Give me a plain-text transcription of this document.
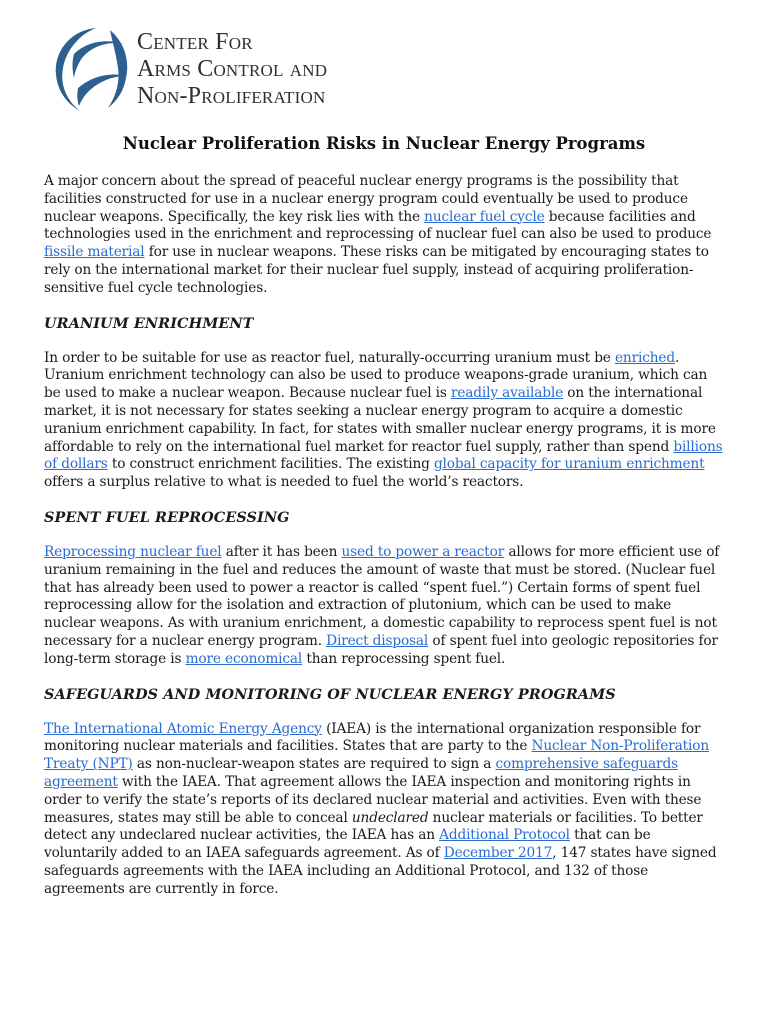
Center For
Arms Control and
Non-Proliferation
Nuclear Proliferation Risks in Nuclear Energy Programs

A major concern about the spread of peaceful nuclear energy programs is the possibility that facilities constructed for use in a nuclear energy program could eventually be used to produce nuclear weapons. Specifically, the key risk lies with the nuclear fuel cycle because facilities and technologies used in the enrichment and reprocessing of nuclear fuel can also be used to produce fissile material for use in nuclear weapons. These risks can be mitigated by encouraging states to rely on the international market for their nuclear fuel supply, instead of acquiring proliferation-sensitive fuel cycle technologies.

URANIUM ENRICHMENT

In order to be suitable for use as reactor fuel, naturally-occurring uranium must be enriched. Uranium enrichment technology can also be used to produce weapons-grade uranium, which can be used to make a nuclear weapon. Because nuclear fuel is readily available on the international market, it is not necessary for states seeking a nuclear energy program to acquire a domestic uranium enrichment capability. In fact, for states with smaller nuclear energy programs, it is more affordable to rely on the international fuel market for reactor fuel supply, rather than spend billions of dollars to construct enrichment facilities. The existing global capacity for uranium enrichment offers a surplus relative to what is needed to fuel the world’s reactors.

SPENT FUEL REPROCESSING

Reprocessing nuclear fuel after it has been used to power a reactor allows for more efficient use of uranium remaining in the fuel and reduces the amount of waste that must be stored. (Nuclear fuel that has already been used to power a reactor is called “spent fuel.”) Certain forms of spent fuel reprocessing allow for the isolation and extraction of plutonium, which can be used to make nuclear weapons. As with uranium enrichment, a domestic capability to reprocess spent fuel is not necessary for a nuclear energy program. Direct disposal of spent fuel into geologic repositories for long-term storage is more economical than reprocessing spent fuel.

SAFEGUARDS AND MONITORING OF NUCLEAR ENERGY PROGRAMS

The International Atomic Energy Agency (IAEA) is the international organization responsible for monitoring nuclear materials and facilities. States that are party to the Nuclear Non-Proliferation Treaty (NPT) as non-nuclear-weapon states are required to sign a comprehensive safeguards agreement with the IAEA. That agreement allows the IAEA inspection and monitoring rights in order to verify the state’s reports of its declared nuclear material and activities. Even with these measures, states may still be able to conceal undeclared nuclear materials or facilities. To better detect any undeclared nuclear activities, the IAEA has an Additional Protocol that can be voluntarily added to an IAEA safeguards agreement. As of December 2017, 147 states have signed safeguards agreements with the IAEA including an Additional Protocol, and 132 of those agreements are currently in force.
